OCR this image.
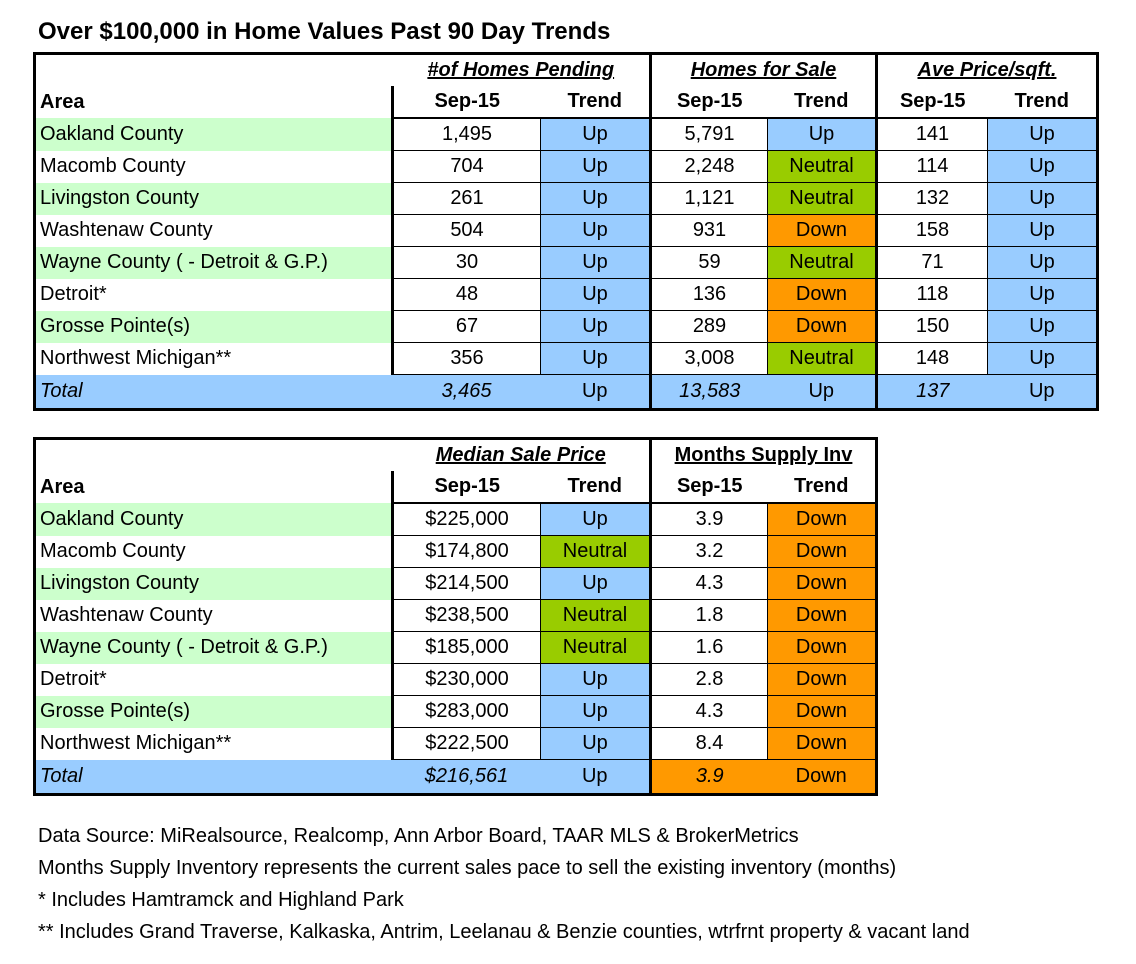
Over $100,000 in Home Values Past 90 Day Trends
	#of Homes Pending		Homes for Sale		Ave Price/sqft.	
Area	Sep-15	Trend	Sep-15	Trend	Sep-15	Trend
Oakland County	1,495	Up	5,791	Up	141	Up
Macomb County	704	Up	2,248	Neutral	114	Up
Livingston County	261	Up	1,121	Neutral	132	Up
Washtenaw County	504	Up	931	Down	158	Up
Wayne County ( - Detroit & G.P.)	30	Up	59	Neutral	71	Up
Detroit*	48	Up	136	Down	118	Up
Grosse Pointe(s)	67	Up	289	Down	150	Up
Northwest Michigan**	356	Up	3,008	Neutral	148	Up
Total	3,465	Up	13,583	Up	137	Up
	Median Sale Price		Months Supply Inv	
Area	Sep-15	Trend	Sep-15	Trend
Oakland County	$225,000	Up	3.9	Down
Macomb County	$174,800	Neutral	3.2	Down
Livingston County	$214,500	Up	4.3	Down
Washtenaw County	$238,500	Neutral	1.8	Down
Wayne County ( - Detroit & G.P.)	$185,000	Neutral	1.6	Down
Detroit*	$230,000	Up	2.8	Down
Grosse Pointe(s)	$283,000	Up	4.3	Down
Northwest Michigan**	$222,500	Up	8.4	Down
Total	$216,561	Up	3.9	Down
Data Source: MiRealsource, Realcomp, Ann Arbor Board, TAAR MLS & BrokerMetrics
Months Supply Inventory represents the current sales pace to sell the existing inventory (months)
* Includes Hamtramck and Highland Park
** Includes Grand Traverse, Kalkaska, Antrim, Leelanau & Benzie counties, wtrfrnt property & vacant land
